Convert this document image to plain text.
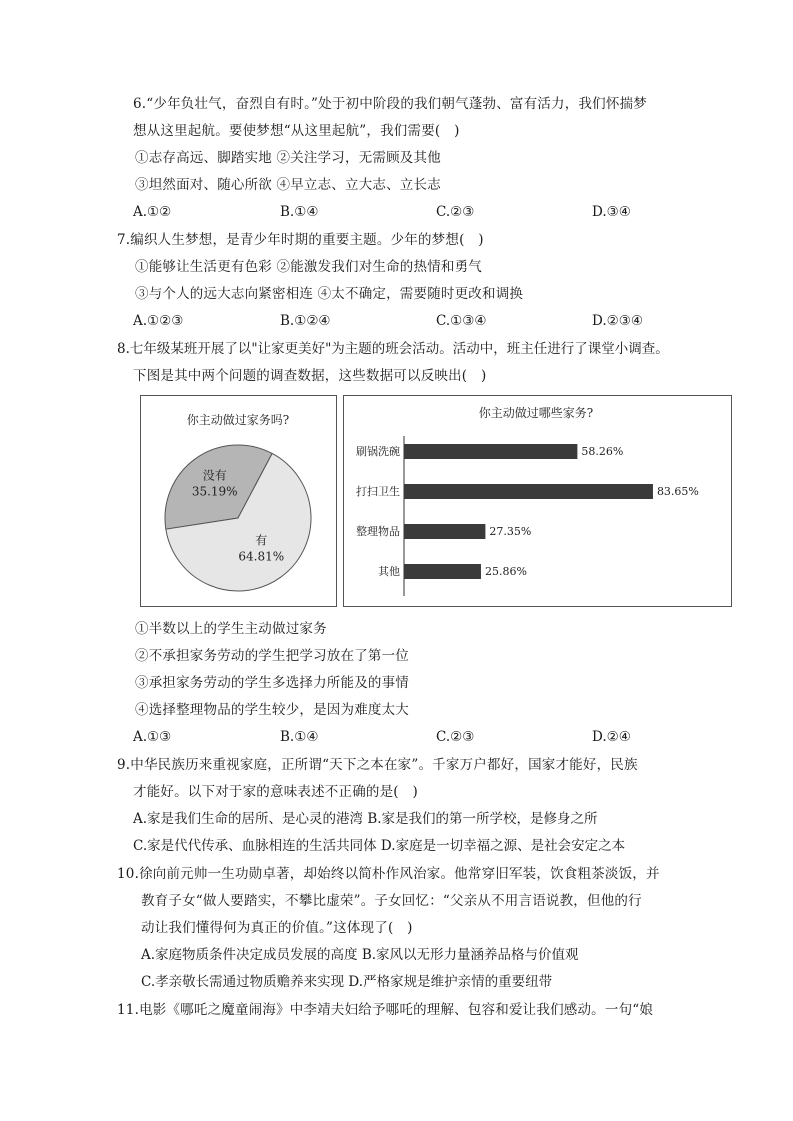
6.“少年负壮气，奋烈自有时。”处于初中阶段的我们朝气蓬勃、富有活力，我们怀揣梦
想从这里起航。要使梦想“从这里起航”，我们需要(　)
①志存高远、脚踏实地 ②关注学习，无需顾及其他
③坦然面对、随心所欲 ④早立志、立大志、立长志
A.①②	B.①④	C.②③	D.③④
7.编织人生梦想，是青少年时期的重要主题。少年的梦想(　)
①能够让生活更有色彩 ②能激发我们对生命的热情和勇气
③与个人的远大志向紧密相连 ④太不确定，需要随时更改和调换
A.①②③	B.①②④	C.①③④	D.②③④
8.七年级某班开展了以"让家更美好"为主题的班会活动。活动中，班主任进行了课堂小调查。
下图是其中两个问题的调查数据，这些数据可以反映出(　)
你主动做过家务吗?
没有
35.19%
有
64.81%
你主动做过哪些家务?
刷锅洗碗	58.26%
打扫卫生	83.65%
整理物品	27.35%
其他	25.86%
①半数以上的学生主动做过家务
②不承担家务劳动的学生把学习放在了第一位
③承担家务劳动的学生多选择力所能及的事情
④选择整理物品的学生较少，是因为难度太大
A.①③	B.①④	C.②③	D.②④
9.中华民族历来重视家庭，正所谓“天下之本在家”。千家万户都好，国家才能好，民族
才能好。以下对于家的意味表述不正确的是(　)
A.家是我们生命的居所、是心灵的港湾 B.家是我们的第一所学校，是修身之所
C.家是代代传承、血脉相连的生活共同体 D.家庭是一切幸福之源、是社会安定之本
10.徐向前元帅一生功勋卓著，却始终以简朴作风治家。他常穿旧军装，饮食粗茶淡饭，并
教育子女“做人要踏实，不攀比虚荣”。子女回忆：“父亲从不用言语说教，但他的行
动让我们懂得何为真正的价值。”这体现了(　)
A.家庭物质条件决定成员发展的高度 B.家风以无形力量涵养品格与价值观
C.孝亲敬长需通过物质赡养来实现 D.严格家规是维护亲情的重要纽带
11.电影《哪吒之魔童闹海》中李靖夫妇给予哪吒的理解、包容和爱让我们感动。一句“娘
